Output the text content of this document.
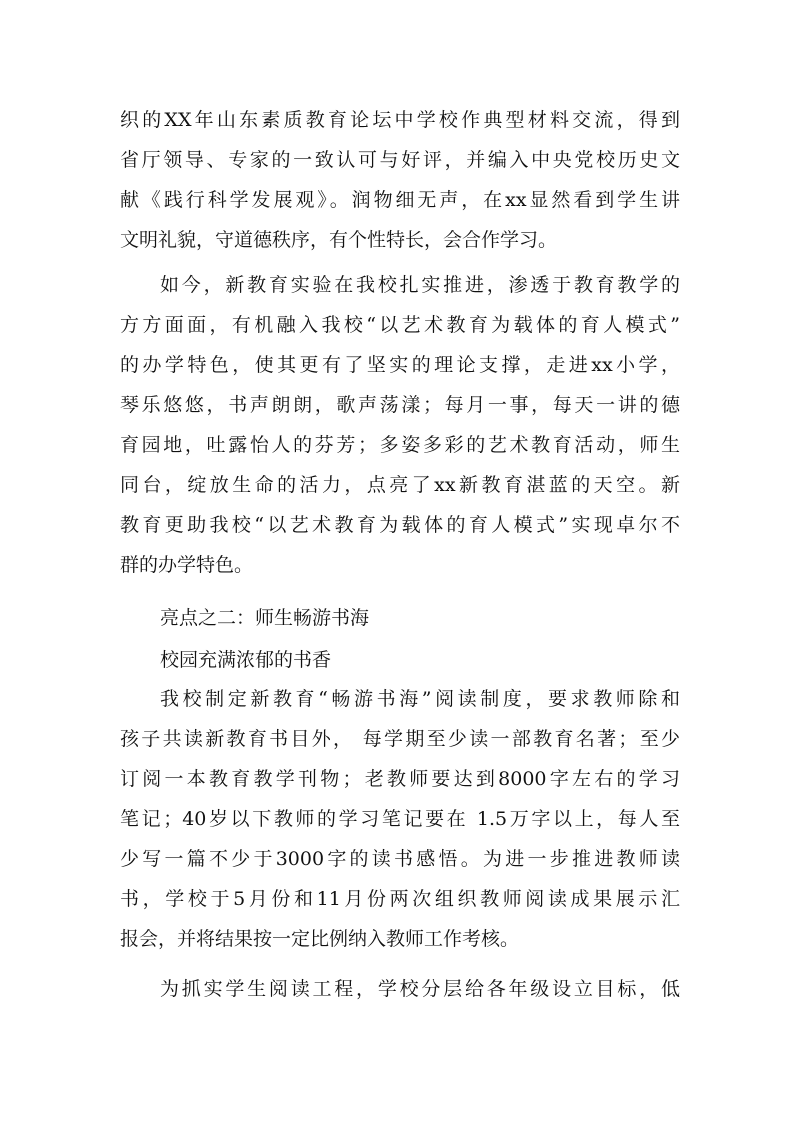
织的XX年山东素质教育论坛中学校作典型材料交流，得到
省厅领导、专家的一致认可与好评，并编入中央党校历史文
献《践行科学发展观》。润物细无声，在xx显然看到学生讲
文明礼貌，守道德秩序，有个性特长，会合作学习。
如今，新教育实验在我校扎实推进，渗透于教育教学的
方方面面，有机融入我校“以艺术教育为载体的育人模式”
的办学特色，使其更有了坚实的理论支撑，走进xx小学，
琴乐悠悠，书声朗朗，歌声荡漾；每月一事，每天一讲的德
育园地，吐露怡人的芬芳；多姿多彩的艺术教育活动，师生
同台，绽放生命的活力，点亮了xx新教育湛蓝的天空。新
教育更助我校“以艺术教育为载体的育人模式”实现卓尔不
群的办学特色。
亮点之二：师生畅游书海
校园充满浓郁的书香
我校制定新教育“畅游书海”阅读制度，要求教师除和
孩子共读新教育书目外， 每学期至少读一部教育名著；至少
订阅一本教育教学刊物；老教师要达到8000字左右的学习
笔记；40岁以下教师的学习笔记要在 1.5万字以上，每人至
少写一篇不少于3000字的读书感悟。为进一步推进教师读
书，学校于5月份和11月份两次组织教师阅读成果展示汇
报会，并将结果按一定比例纳入教师工作考核。
为抓实学生阅读工程，学校分层给各年级设立目标，低
